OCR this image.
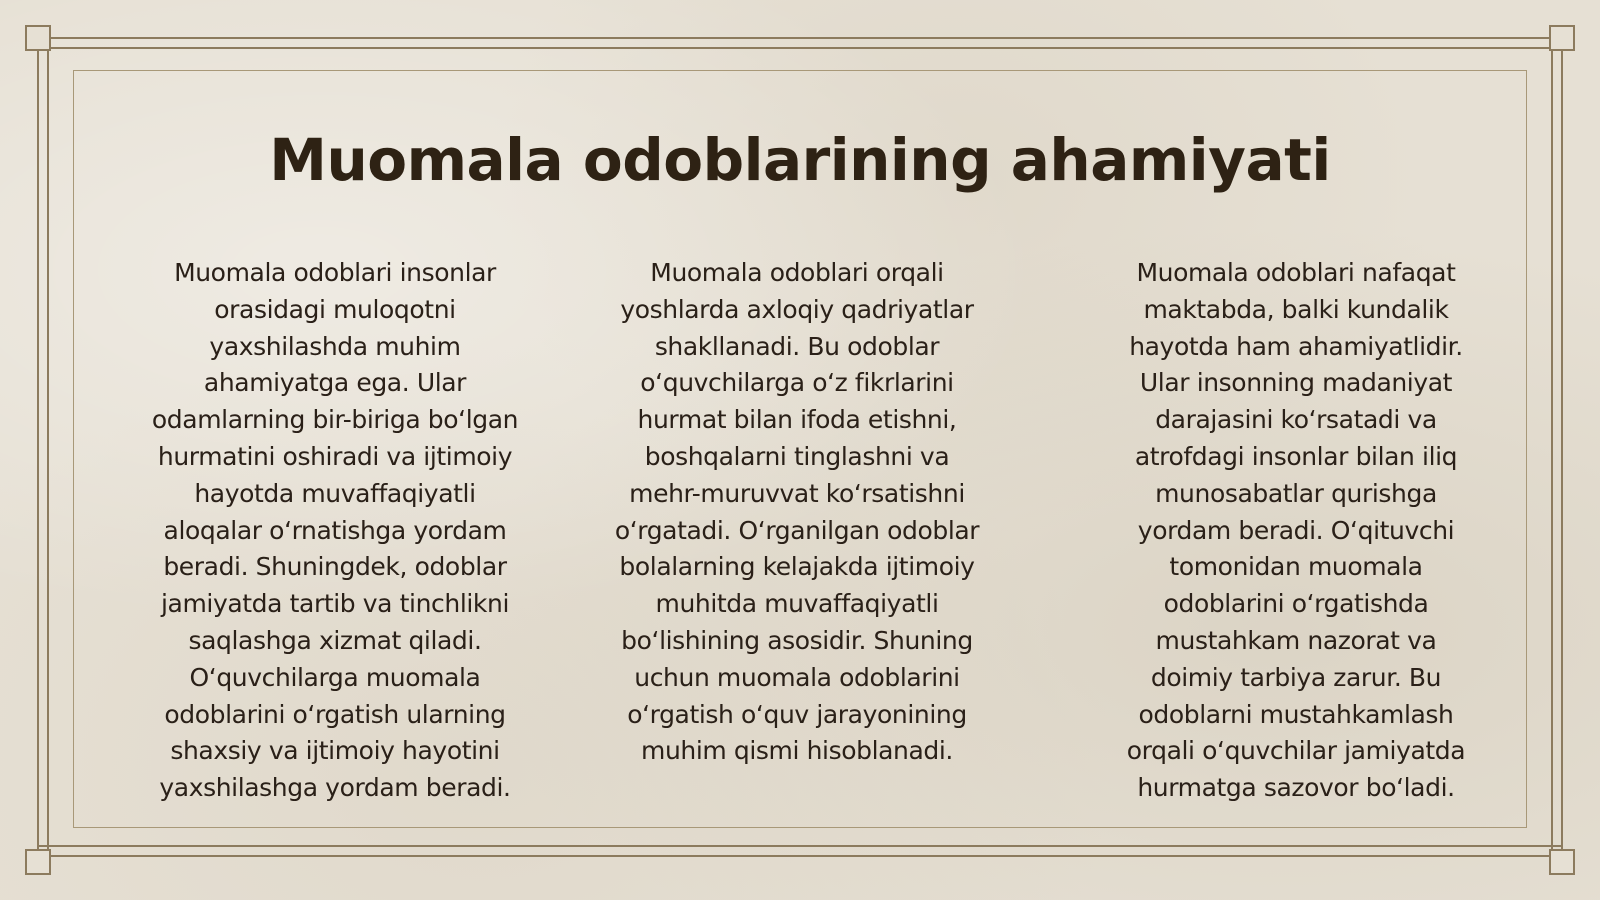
Muomala odoblarining ahamiyati
Muomala odoblari insonlar orasidagi muloqotni yaxshilashda muhim ahamiyatga ega. Ular odamlarning bir-biriga boʻlgan hurmatini oshiradi va ijtimoiy hayotda muvaffaqiyatli aloqalar oʻrnatishga yordam beradi. Shuningdek, odoblar jamiyatda tartib va tinchlikni saqlashga xizmat qiladi. Oʻquvchilarga muomala odoblarini oʻrgatish ularning shaxsiy va ijtimoiy hayotini yaxshilashga yordam beradi.
Muomala odoblari orqali yoshlarda axloqiy qadriyatlar shakllanadi. Bu odoblar oʻquvchilarga oʻz fikrlarini hurmat bilan ifoda etishni, boshqalarni tinglashni va mehr-muruvvat koʻrsatishni oʻrgatadi. Oʻrganilgan odoblar bolalarning kelajakda ijtimoiy muhitda muvaffaqiyatli boʻlishining asosidir. Shuning uchun muomala odoblarini oʻrgatish oʻquv jarayonining muhim qismi hisoblanadi.
Muomala odoblari nafaqat maktabda, balki kundalik hayotda ham ahamiyatlidir. Ular insonning madaniyat darajasini koʻrsatadi va atrofdagi insonlar bilan iliq munosabatlar qurishga yordam beradi. Oʻqituvchi tomonidan muomala odoblarini oʻrgatishda mustahkam nazorat va doimiy tarbiya zarur. Bu odoblarni mustahkamlash orqali oʻquvchilar jamiyatda hurmatga sazovor boʻladi.
